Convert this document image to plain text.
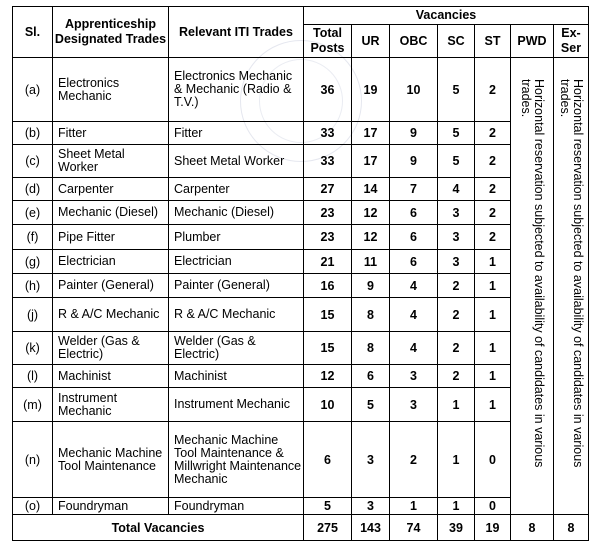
Sl.	Apprenticeship Designated Trades	Relevant ITI Trades	Vacancies						
			Total Posts	UR	OBC	SC	ST	PWD	Ex-Ser
(a)	Electronics Mechanic	Electronics Mechanic & Mechanic (Radio & T.V.)	36	19	10	5	2	Horizontal reservation subjected to availability of candidates in various trades.	Horizontal reservation subjected to availability of candidates in various trades.
(b)	Fitter	Fitter	33	17	9	5	2		
(c)	Sheet Metal Worker	Sheet Metal Worker	33	17	9	5	2		
(d)	Carpenter	Carpenter	27	14	7	4	2		
(e)	Mechanic (Diesel)	Mechanic (Diesel)	23	12	6	3	2		
(f)	Pipe Fitter	Plumber	23	12	6	3	2		
(g)	Electrician	Electrician	21	11	6	3	1		
(h)	Painter (General)	Painter (General)	16	9	4	2	1		
(j)	R & A/C Mechanic	R & A/C Mechanic	15	8	4	2	1		
(k)	Welder (Gas & Electric)	Welder (Gas & Electric)	15	8	4	2	1		
(l)	Machinist	Machinist	12	6	3	2	1		
(m)	Instrument Mechanic	Instrument Mechanic	10	5	3	1	1		
(n)	Mechanic Machine Tool Maintenance	Mechanic Machine Tool Maintenance & Millwright Maintenance Mechanic	6	3	2	1	0		
(o)	Foundryman	Foundryman	5	3	1	1	0		
Total Vacancies			275	143	74	39	19	8	8
